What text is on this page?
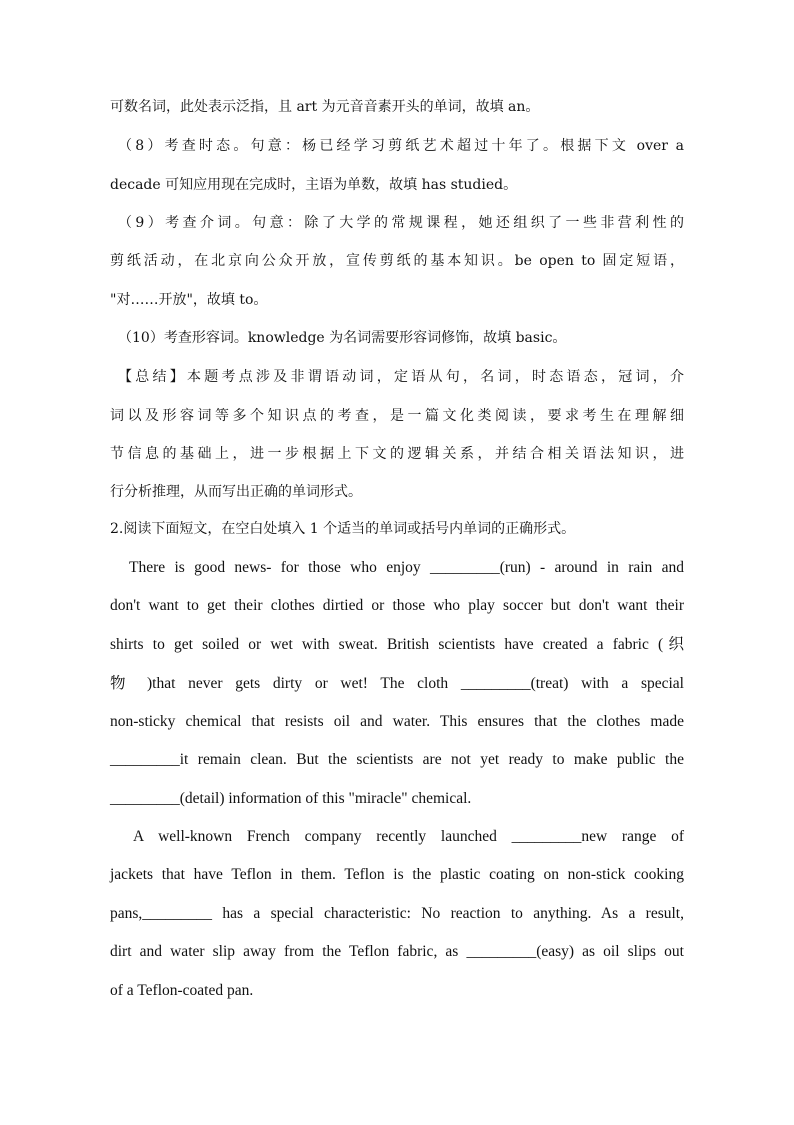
可数名词，此处表示泛指，且 art 为元音音素开头的单词，故填 an。
（8）考查时态。句意：杨已经学习剪纸艺术超过十年了。根据下文 over a
decade 可知应用现在完成时，主语为单数，故填 has studied。
（9）考查介词。句意：除了大学的常规课程，她还组织了一些非营利性的
剪纸活动，在北京向公众开放，宣传剪纸的基本知识。be open to 固定短语，
"对……开放"，故填 to。
（10）考查形容词。knowledge 为名词需要形容词修饰，故填 basic。
【总结】本题考点涉及非谓语动词，定语从句，名词，时态语态，冠词，介
词以及形容词等多个知识点的考查，是一篇文化类阅读，要求考生在理解细
节信息的基础上，进一步根据上下文的逻辑关系，并结合相关语法知识，进
行分析推理，从而写出正确的单词形式。
2.阅读下面短文，在空白处填入 1 个适当的单词或括号内单词的正确形式。
There is good news- for those who enjoy _________(run) - around in rain and
don't want to get their clothes dirtied or those who play soccer but don't want their
shirts to get soiled or wet with sweat. British scientists have created a fabric (织
物 )that never gets dirty or wet! The cloth _________(treat) with a special
non-sticky chemical that resists oil and water. This ensures that the clothes made
_________it remain clean. But the scientists are not yet ready to make public the
_________(detail) information of this "miracle" chemical.
A well-known French company recently launched _________new range of
jackets that have Teflon in them. Teflon is the plastic coating on non-stick cooking
pans,_________ has a special characteristic: No reaction to anything. As a result,
dirt and water slip away from the Teflon fabric, as _________(easy) as oil slips out
of a Teflon-coated pan.
